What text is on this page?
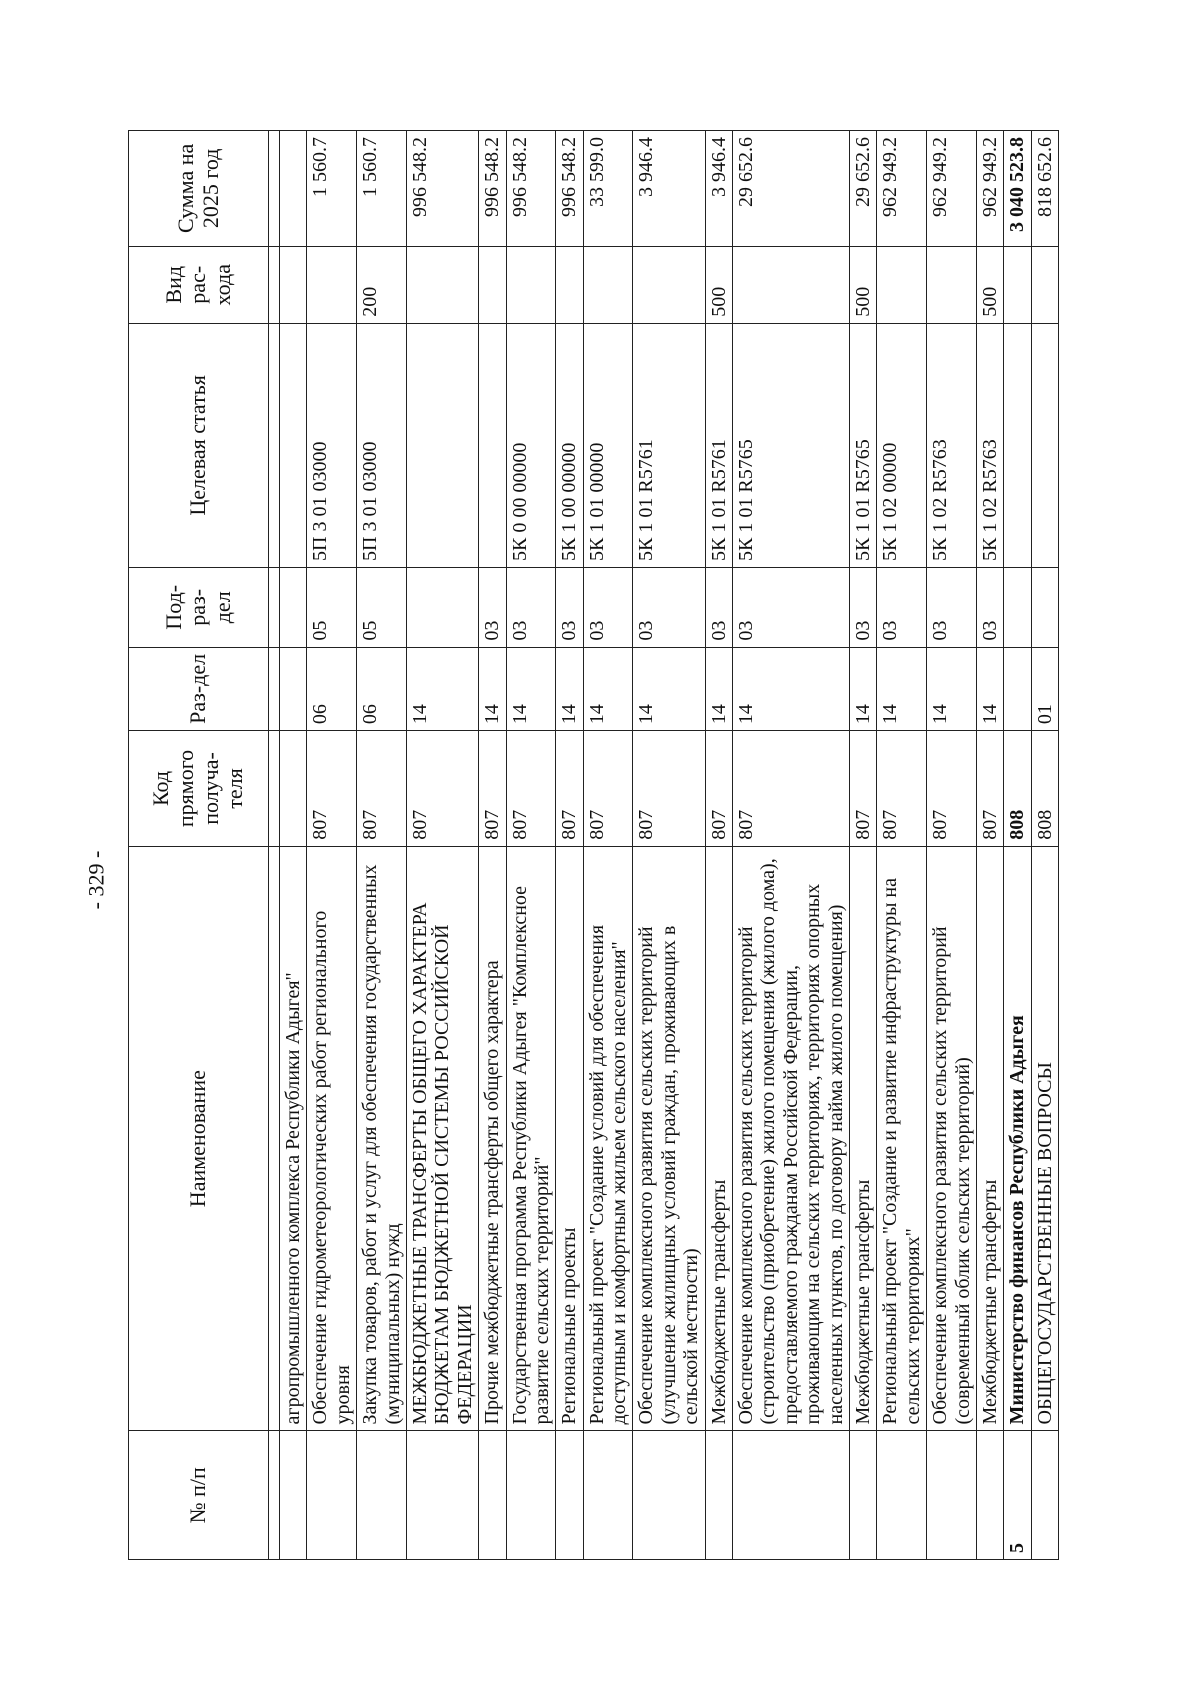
- 329 -
№ п/п	Наименование	Код прямого получа-теля	Раз-дел	Под-раз-дел	Целевая статья	Вид рас-хода	Сумма на 2025 год

	агропромышленного комплекса Республики Адыгея"						
	Обеспечение гидрометеорологических работ регионального уровня	807	06	05	5П 3 01 03000		1 560.7
	Закупка товаров, работ и услуг для обеспечения государственных (муниципальных) нужд	807	06	05	5П 3 01 03000	200	1 560.7
	МЕЖБЮДЖЕТНЫЕ ТРАНСФЕРТЫ ОБЩЕГО ХАРАКТЕРА БЮДЖЕТАМ БЮДЖЕТНОЙ СИСТЕМЫ РОССИЙСКОЙ ФЕДЕРАЦИИ	807	14				996 548.2
	Прочие межбюджетные трансферты общего характера	807	14	03			996 548.2
	Государственная программа Республики Адыгея "Комплексное развитие сельских территорий"	807	14	03	5К 0 00 00000		996 548.2
	Региональные проекты	807	14	03	5К 1 00 00000		996 548.2
	Региональный проект "Создание условий для обеспечения доступным и комфортным жильем сельского населения"	807	14	03	5К 1 01 00000		33 599.0
	Обеспечение комплексного развития сельских территорий (улучшение жилищных условий граждан, проживающих в сельской местности)	807	14	03	5К 1 01 R5761		3 946.4
	Межбюджетные трансферты	807	14	03	5К 1 01 R5761	500	3 946.4
	Обеспечение комплексного развития сельских территорий (строительство (приобретение) жилого помещения (жилого дома), предоставляемого гражданам Российской Федерации, проживающим на сельских территориях, территориях опорных населенных пунктов, по договору найма жилого помещения)	807	14	03	5К 1 01 R5765		29 652.6
	Межбюджетные трансферты	807	14	03	5К 1 01 R5765	500	29 652.6
	Региональный проект "Создание и развитие инфраструктуры на сельских территориях"	807	14	03	5К 1 02 00000		962 949.2
	Обеспечение комплексного развития сельских территорий (современный облик сельских территорий)	807	14	03	5К 1 02 R5763		962 949.2
	Межбюджетные трансферты	807	14	03	5К 1 02 R5763	500	962 949.2
5	Министерство финансов Республики Адыгея	808					3 040 523.8
	ОБЩЕГОСУДАРСТВЕННЫЕ ВОПРОСЫ	808	01				818 652.6
